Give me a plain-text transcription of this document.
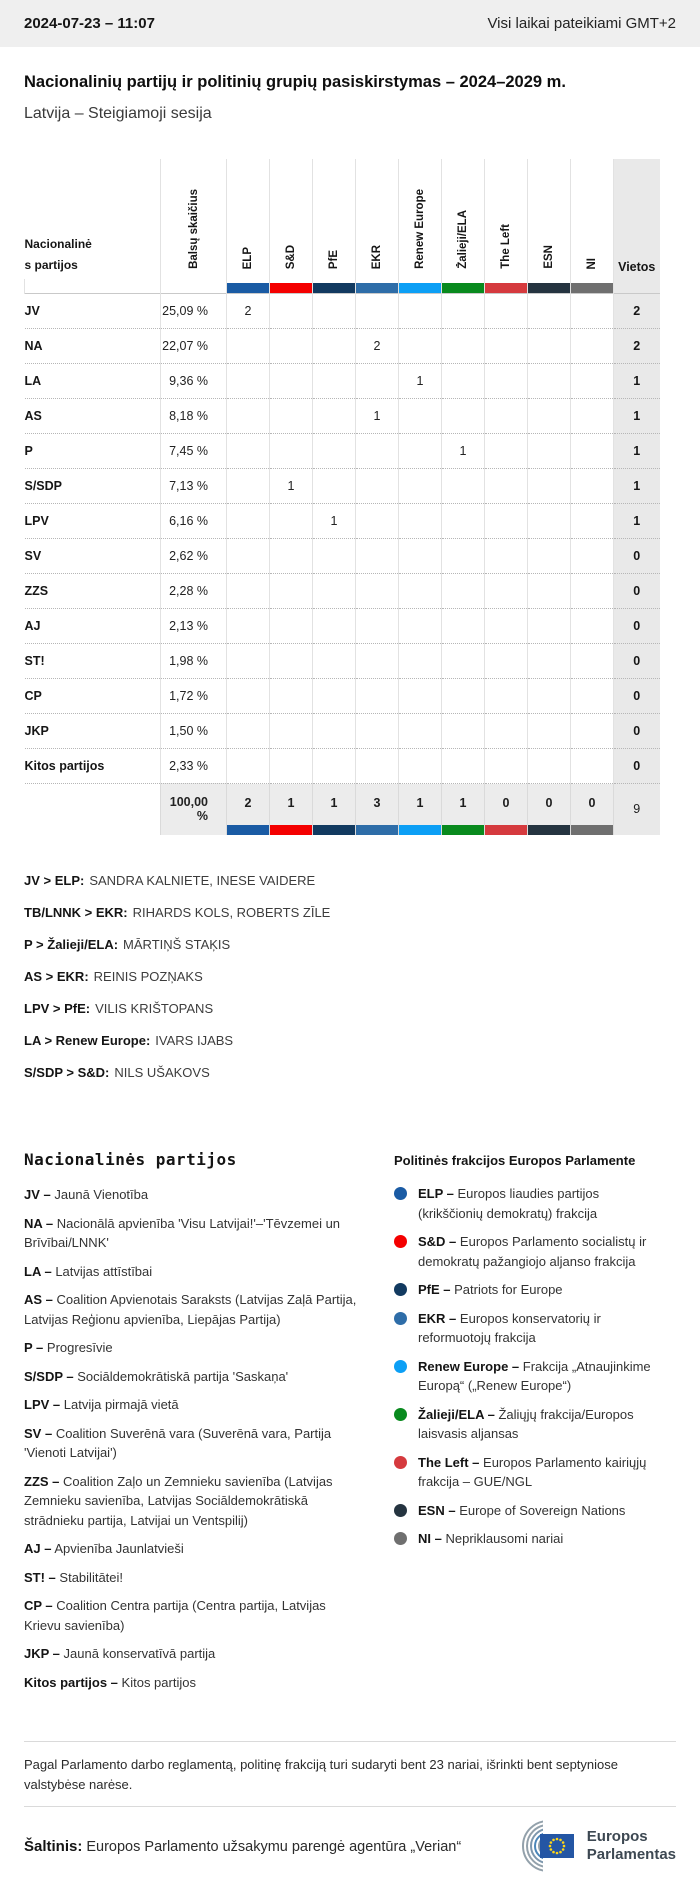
2024-07-23 – 11:07	Visi laikai pateikiami GMT+2
Nacionalinių partijų ir politinių grupių pasiskirstymas – 2024–2029 m.
Latvija – Steigiamoji sesija
Nacionalinės partijos	Balsų skaičius	ELP	S&D	PfE	EKR	Renew Europe	Žalieji/ELA	The Left	ESN	NI	Vietos

JV	25,09 %	2									2
NA	22,07 %				2						2
LA	9,36 %					1					1
AS	8,18 %				1						1
P	7,45 %						1				1
S/SDP	7,13 %		1								1
LPV	6,16 %			1							1
SV	2,62 %										0
ZZS	2,28 %										0
AJ	2,13 %										0
ST!	1,98 %										0
CP	1,72 %										0
JKP	1,50 %										0
Kitos partijos	2,33 %										0
	100,00 %	2	1	1	3	1	1	0	0	0	9

JV > ELP: SANDRA KALNIETE, INESE VAIDERE

TB/LNNK > EKR: RIHARDS KOLS, ROBERTS ZĪLE

P > Žalieji/ELA: MĀRTIŅŠ STAĶIS

AS > EKR: REINIS POZŅAKS

LPV > PfE: VILIS KRIŠTOPANS

LA > Renew Europe: IVARS IJABS

S/SDP > S&D: NILS UŠAKOVS

Nacionalinės partijos

JV – Jaunā Vienotība

NA – Nacionālā apvienība 'Visu Latvijai!'–'Tēvzemei un Brīvībai/LNNK'

LA – Latvijas attīstībai

AS – Coalition Apvienotais Saraksts (Latvijas Zaļā Partija, Latvijas Reģionu apvienība, Liepājas Partija)

P – Progresīvie

S/SDP – Sociāldemokrātiskā partija 'Saskaņa'

LPV – Latvija pirmajā vietā

SV – Coalition Suverēnā vara (Suverēnā vara, Partija 'Vienoti Latvijai')

ZZS – Coalition Zaļo un Zemnieku savienība (Latvijas Zemnieku savienība, Latvijas Sociāldemokrātiskā strādnieku partija, Latvijai un Ventspilij)

AJ – Apvienība Jaunlatvieši

ST! – Stabilitātei!

CP – Coalition Centra partija (Centra partija, Latvijas Krievu savienība)

JKP – Jaunā konservatīvā partija

Kitos partijos – Kitos partijos

Politinės frakcijos Europos Parlamente

ELP – Europos liaudies partijos (krikščionių demokratų) frakcija

S&D – Europos Parlamento socialistų ir demokratų pažangiojo aljanso frakcija

PfE – Patriots for Europe

EKR – Europos konservatorių ir reformuotojų frakcija

Renew Europe – Frakcija „Atnaujinkime Europą“ („Renew Europe“)

Žalieji/ELA – Žaliųjų frakcija/Europos laisvasis aljansas

The Left – Europos Parlamento kairiųjų frakcija – GUE/NGL

ESN – Europe of Sovereign Nations

NI – Nepriklausomi nariai

Pagal Parlamento darbo reglamentą, politinę frakciją turi sudaryti bent 23 nariai, išrinkti bent septyniose valstybėse narėse.

Šaltinis: Europos Parlamento užsakymu parengė agentūra „Verian“

Europos
Parlamentas
